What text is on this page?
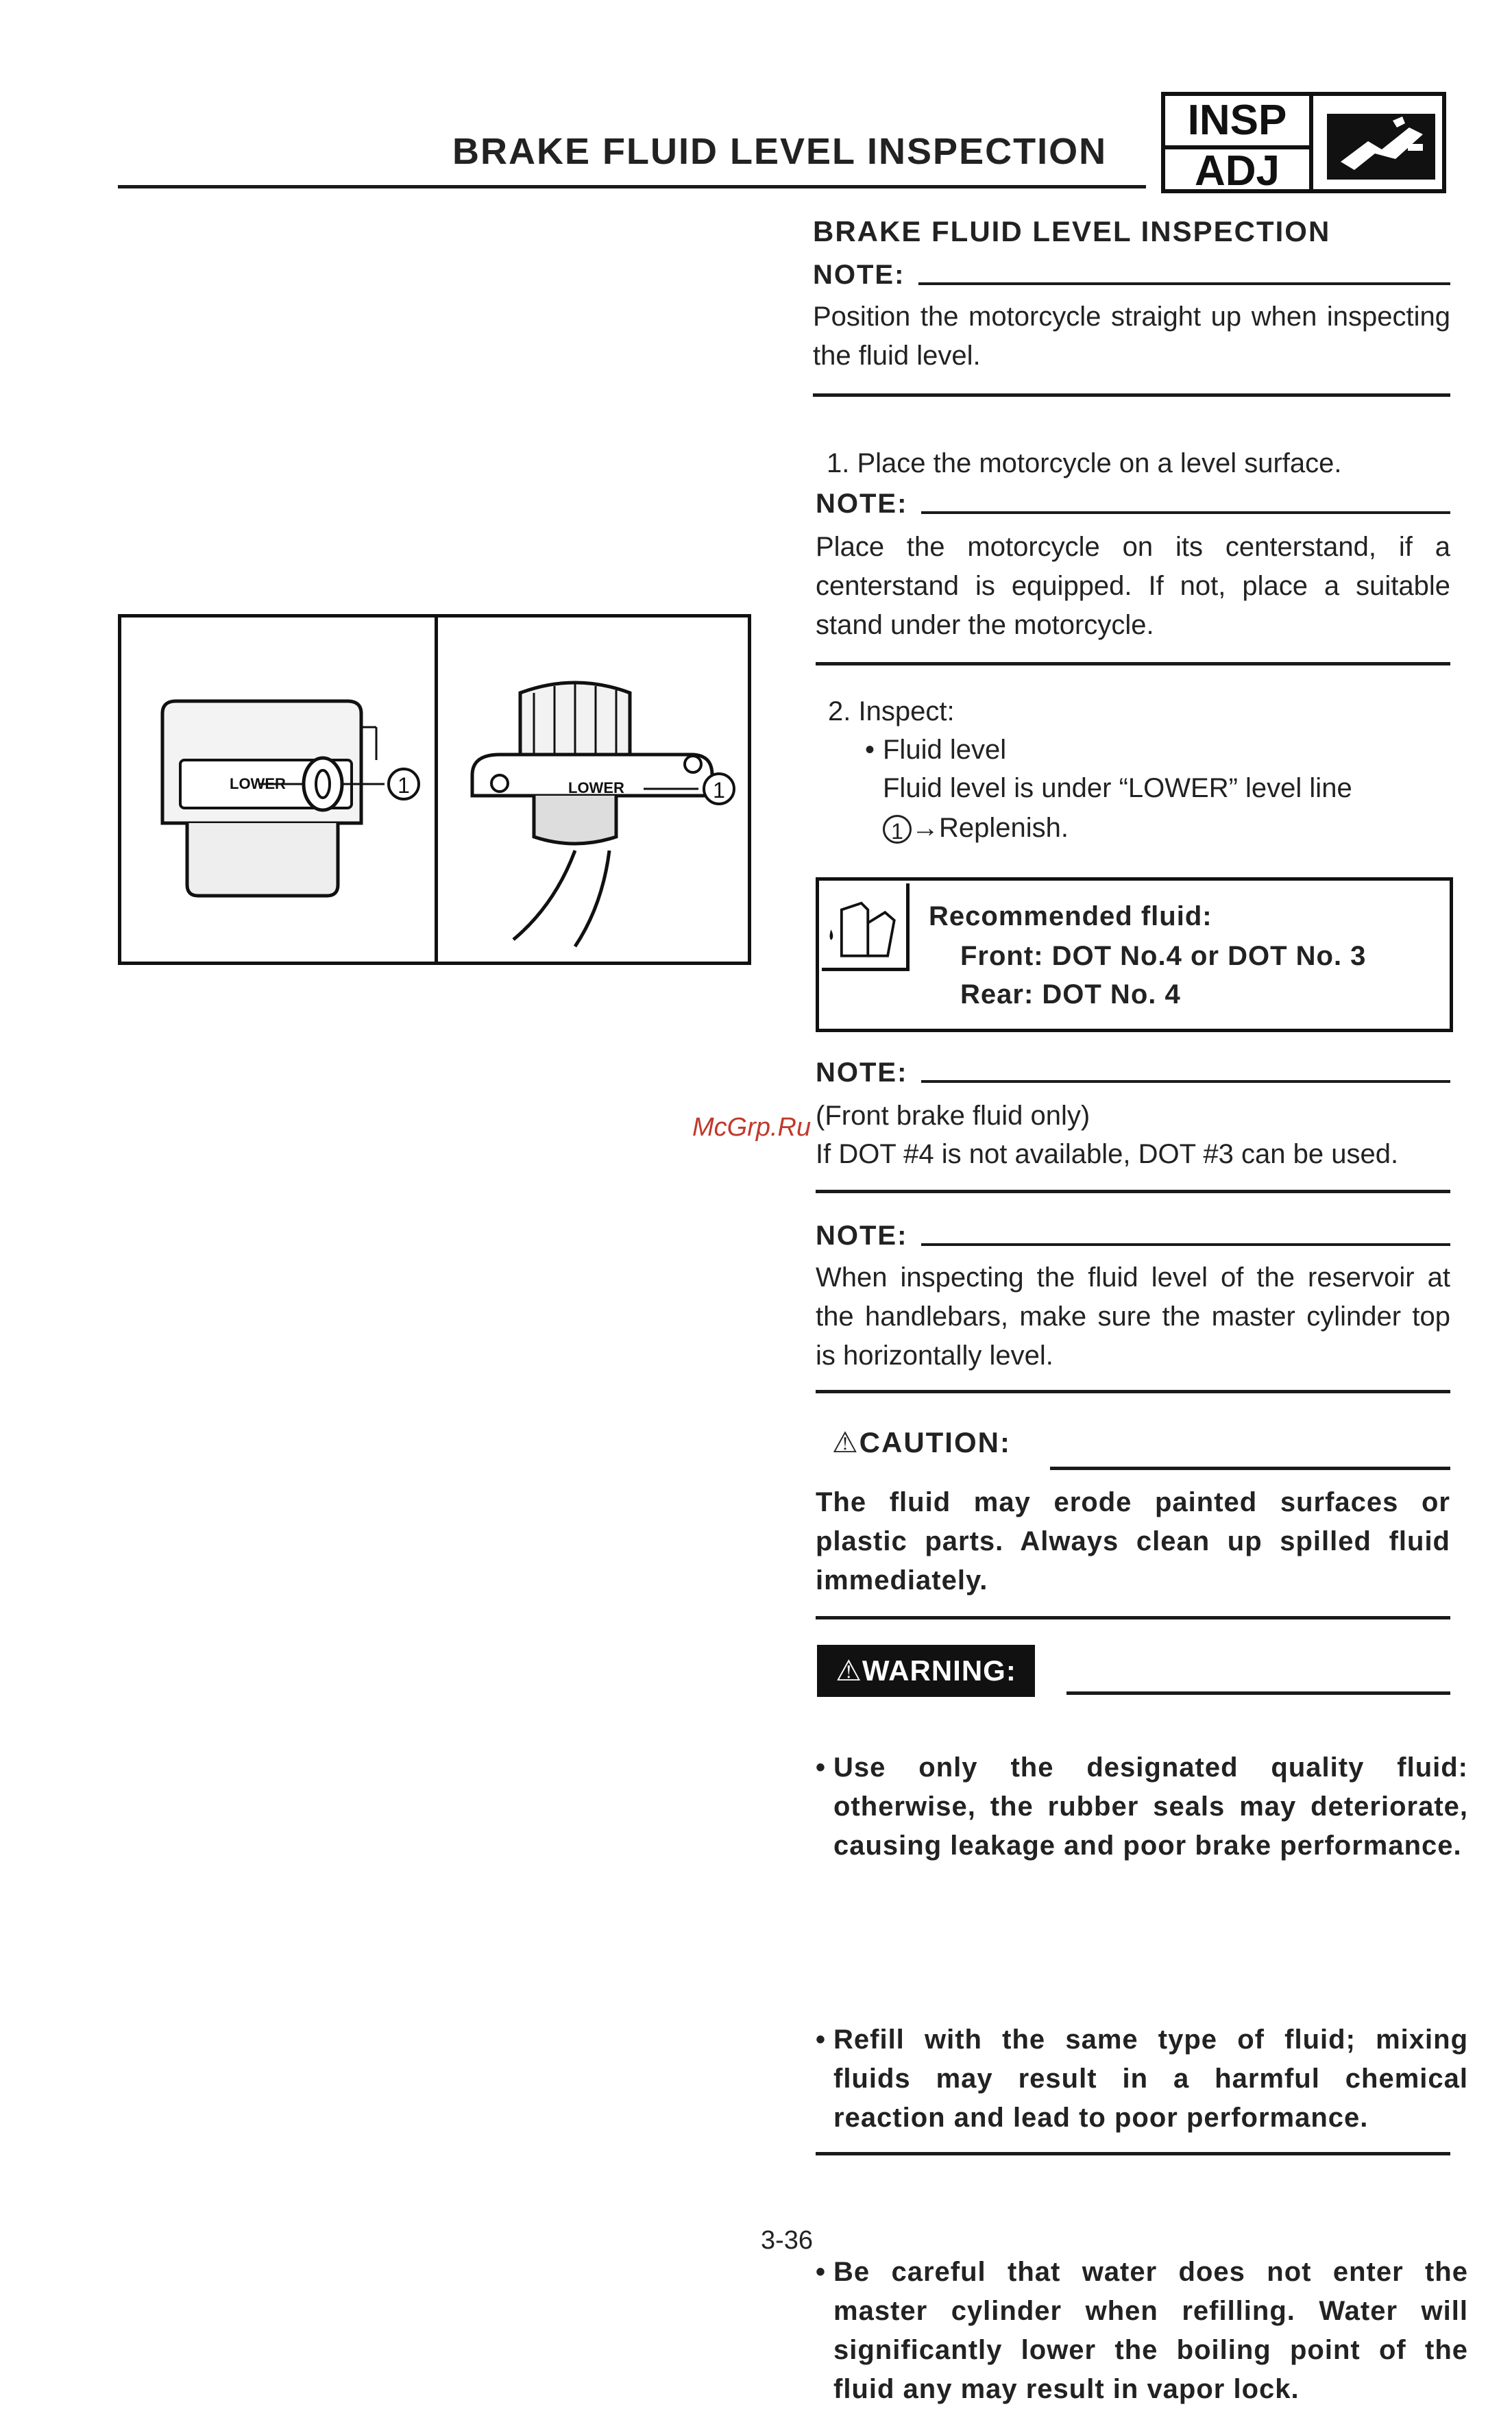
BRAKE FLUID LEVEL INSPECTION
INSP
ADJ
BRAKE FLUID LEVEL INSPECTION
NOTE:
Position the motorcycle straight up when inspecting the fluid level.
1. Place the motorcycle on a level surface.
NOTE:
Place the motorcycle on its centerstand, if a centerstand is equipped. If not, place a suitable stand under the motorcycle.
1
LOWER	1
LOWER
2. Inspect:
• Fluid level
Fluid level is under “LOWER” level line
1 →Replenish.
Recommended fluid:
Front: DOT No.4 or DOT No. 3
Rear: DOT No. 4
NOTE:
(Front brake fluid only)
If DOT #4 is not available, DOT #3 can be used.
McGrp.Ru
NOTE:
When inspecting the fluid level of the reservoir at the handlebars, make sure the master cylinder top is horizontally level.
⚠CAUTION:
The fluid may erode painted surfaces or plastic parts. Always clean up spilled fluid immediately.
⚠WARNING:
• Use only the designated quality fluid: otherwise, the rubber seals may deteriorate, causing leakage and poor brake performance.
• Refill with the same type of fluid; mixing fluids may result in a harmful chemical reaction and lead to poor performance.
• Be careful that water does not enter the master cylinder when refilling. Water will significantly lower the boiling point of the fluid any may result in vapor lock.
3-36
